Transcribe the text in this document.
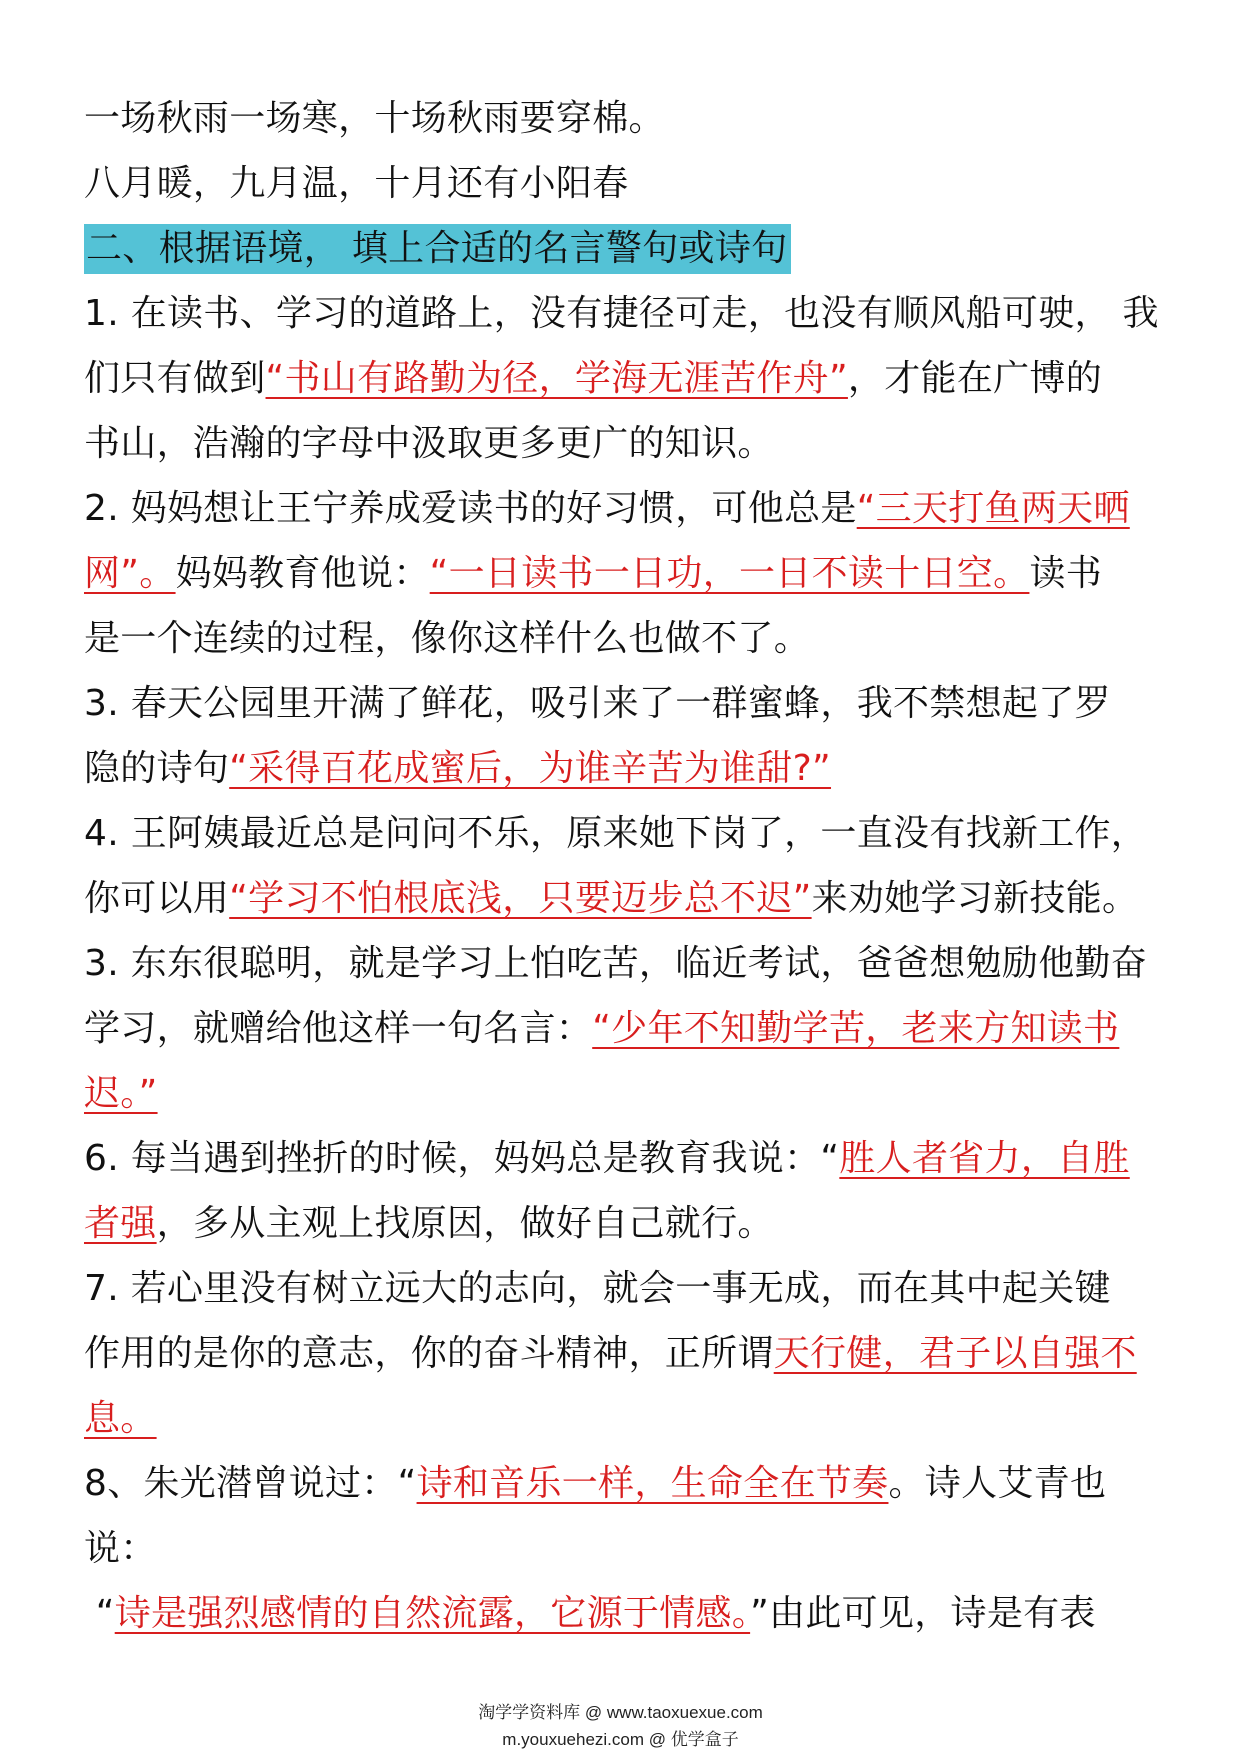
一场秋雨一场寒，十场秋雨要穿棉。
八月暖，九月温，十月还有小阳春
二、根据语境， 填上合适的名言警句或诗句
1. 在读书、学习的道路上，没有捷径可走，也没有顺风船可驶， 我
们只有做到“书山有路勤为径，学海无涯苦作舟”，才能在广博的
书山，浩瀚的字母中汲取更多更广的知识。
2. 妈妈想让王宁养成爱读书的好习惯，可他总是“三天打鱼两天晒
网”。妈妈教育他说：“一日读书一日功，一日不读十日空。读书
是一个连续的过程，像你这样什么也做不了。
3. 春天公园里开满了鲜花，吸引来了一群蜜蜂，我不禁想起了罗
隐的诗句“采得百花成蜜后，为谁辛苦为谁甜?”
4. 王阿姨最近总是问问不乐，原来她下岗了，一直没有找新工作，
你可以用“学习不怕根底浅，只要迈步总不迟”来劝她学习新技能。
3. 东东很聪明，就是学习上怕吃苦，临近考试，爸爸想勉励他勤奋
学习，就赠给他这样一句名言：“少年不知勤学苦，老来方知读书
迟。”
6. 每当遇到挫折的时候，妈妈总是教育我说：“胜人者省力，自胜
者强，多从主观上找原因，做好自己就行。
7. 若心里没有树立远大的志向，就会一事无成，而在其中起关键
作用的是你的意志，你的奋斗精神，正所谓天行健，君子以自强不
息。
8、朱光潜曾说过：“诗和音乐一样，生命全在节奏。诗人艾青也
说：
“诗是强烈感情的自然流露，它源于情感。”由此可见，诗是有表
淘学学资料库 @ www.taoxuexue.com
m.youxuehezi.com @ 优学盒子
